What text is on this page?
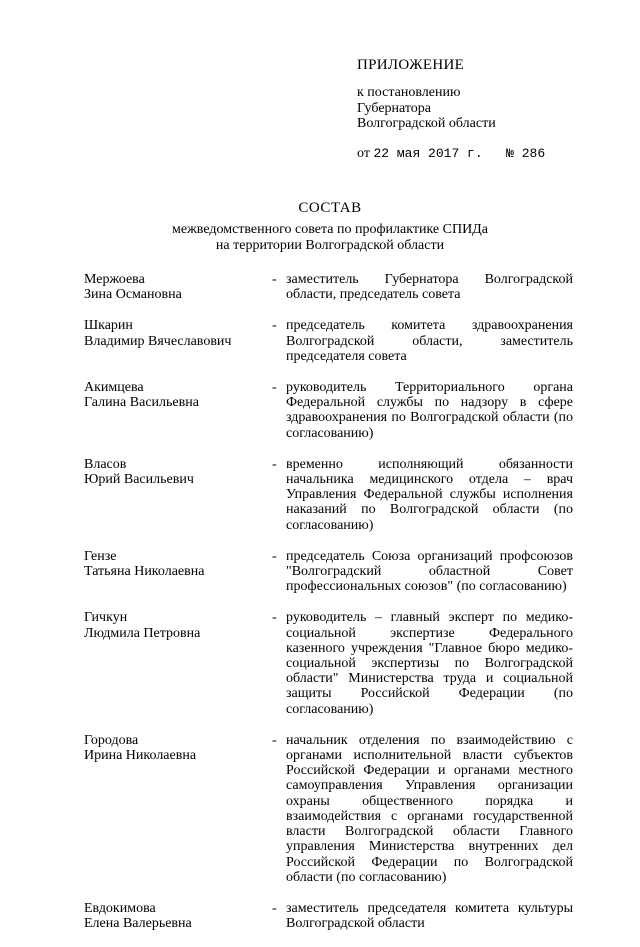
ПРИЛОЖЕНИЕ
к постановлению
Губернатора
Волгоградской области
от 22 мая 2017 г. № 286
СОСТАВ
межведомственного совета по профилактике СПИДа
на территории Волгоградской области
Мержоева
Зина Османовна
- заместитель Губернатора Волгоградской области, председатель совета
Шкарин
Владимир Вячеславович
- председатель комитета здравоохранения Волгоградской области, заместитель председателя совета
Акимцева
Галина Васильевна
- руководитель Территориального органа Федеральной службы по надзору в сфере здравоохранения по Волгоградской области (по согласованию)
Власов
Юрий Васильевич
- временно исполняющий обязанности начальника медицинского отдела – врач Управления Федеральной службы исполнения наказаний по Волгоградской области (по согласованию)
Гензе
Татьяна Николаевна
- председатель Союза организаций профсоюзов "Волгоградский областной Совет профессиональных союзов" (по согласованию)
Гичкун
Людмила Петровна
- руководитель – главный эксперт по медико-социальной экспертизе Федерального казенного учреждения "Главное бюро медико-социальной экспертизы по Волгоградской области" Министерства труда и социальной защиты Российской Федерации (по согласованию)
Городова
Ирина Николаевна
- начальник отделения по взаимодействию с органами исполнительной власти субъектов Российской Федерации и органами местного самоуправления Управления организации охраны общественного порядка и взаимодействия с органами государственной власти Волгоградской области Главного управления Министерства внутренних дел Российской Федерации по Волгоградской области (по согласованию)
Евдокимова
Елена Валерьевна
- заместитель председателя комитета культуры Волгоградской области
